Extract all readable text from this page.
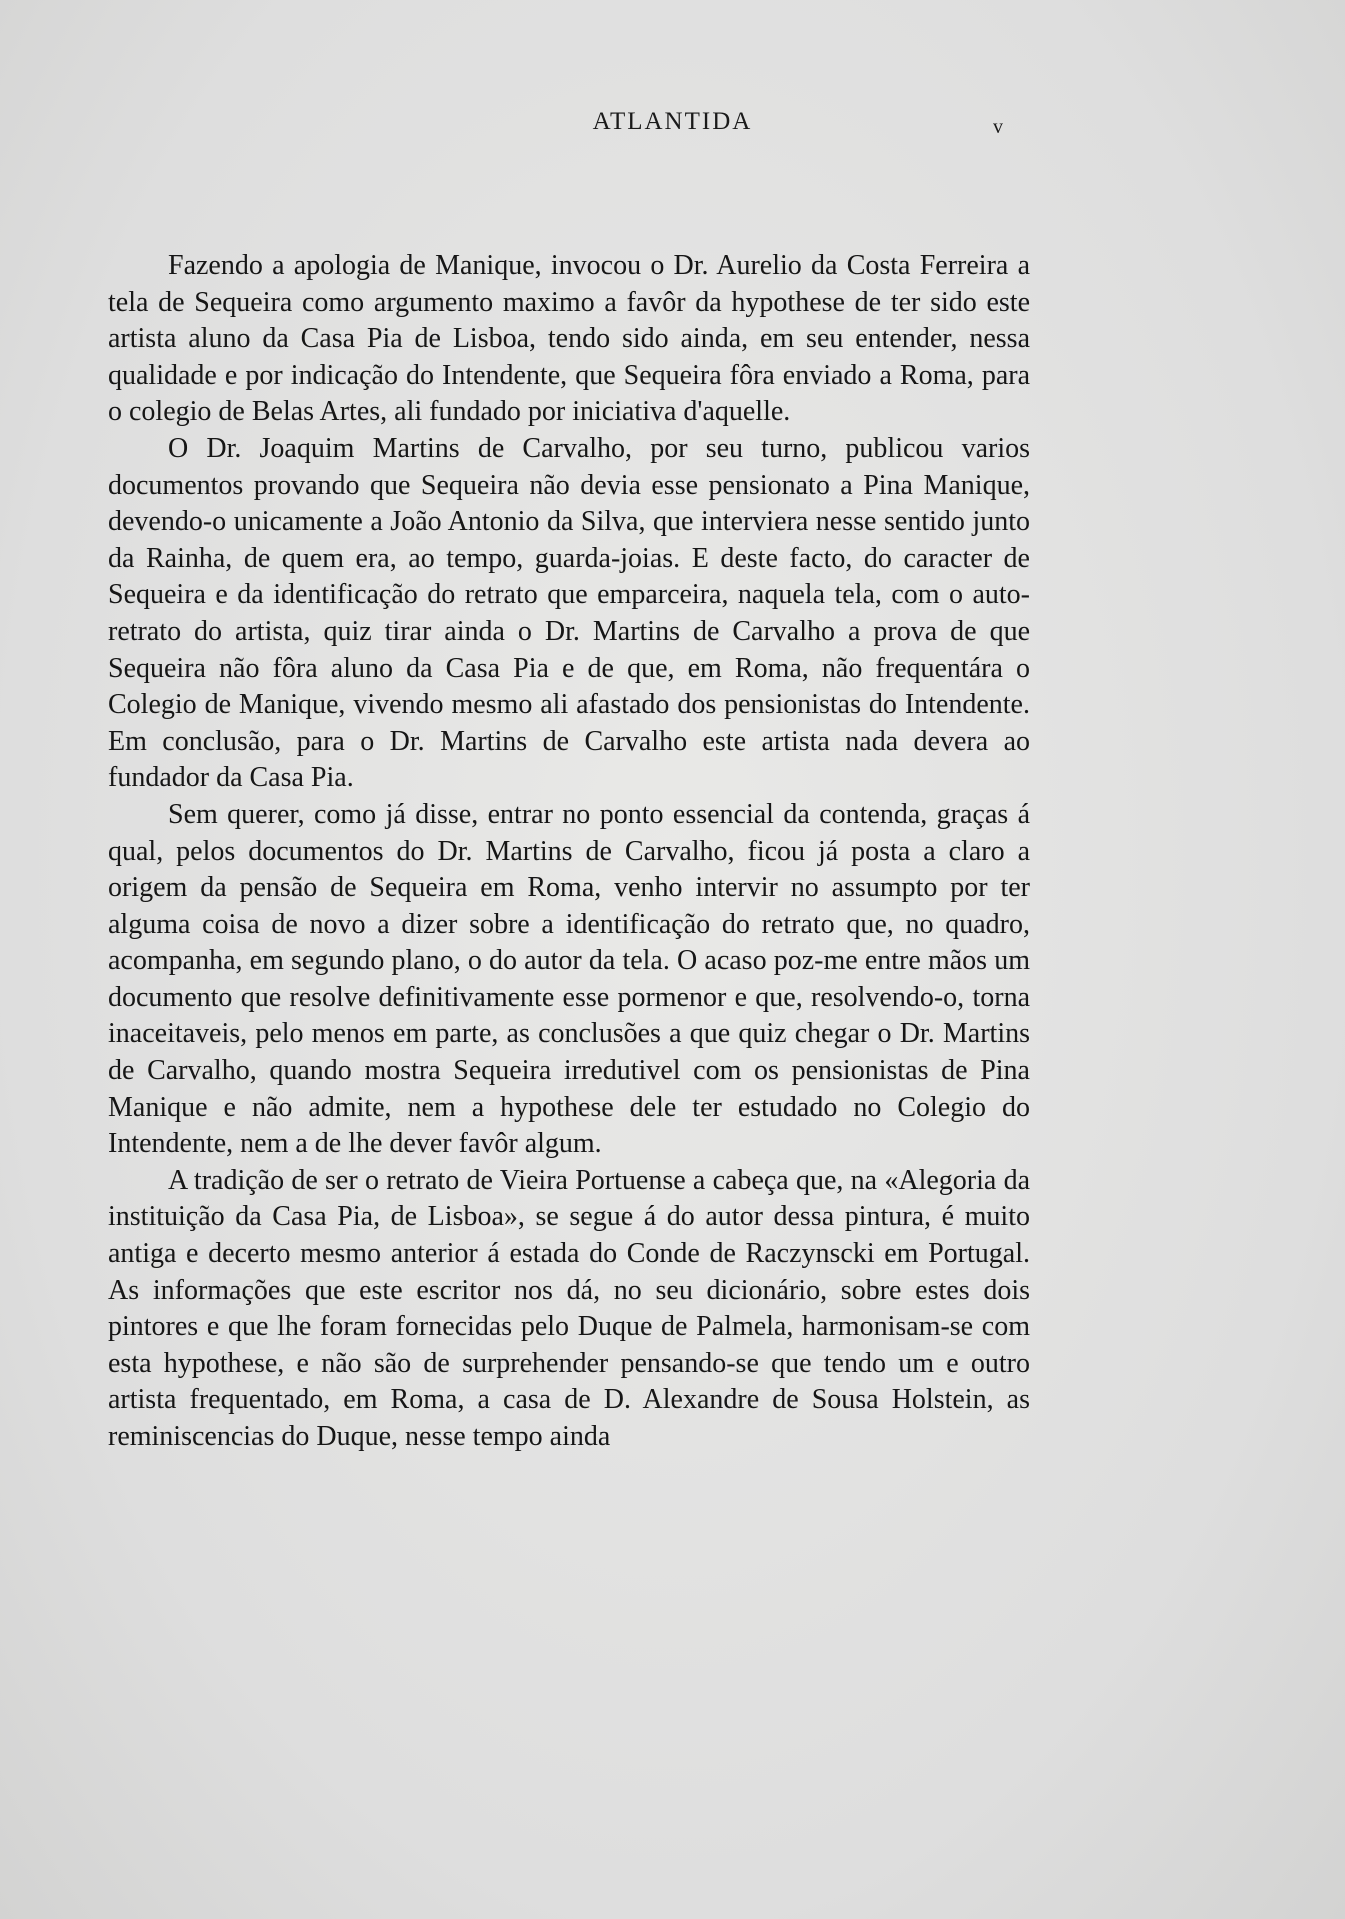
ATLANTIDA	v

Fazendo a apologia de Manique, invocou o Dr. Aurelio da Costa Ferreira a tela de Sequeira como argumento maximo a favôr da hypothese de ter sido este artista aluno da Casa Pia de Lisboa, tendo sido ainda, em seu entender, nessa qualidade e por indicação do Intendente, que Sequeira fôra enviado a Roma, para o colegio de Belas Artes, ali fundado por iniciativa d'aquelle.

O Dr. Joaquim Martins de Carvalho, por seu turno, publicou varios documentos provando que Sequeira não devia esse pensionato a Pina Manique, devendo-o unicamente a João Antonio da Silva, que interviera nesse sentido junto da Rainha, de quem era, ao tempo, guarda-joias. E deste facto, do caracter de Sequeira e da identificação do retrato que emparceira, naquela tela, com o auto-retrato do artista, quiz tirar ainda o Dr. Martins de Carvalho a prova de que Sequeira não fôra aluno da Casa Pia e de que, em Roma, não frequentára o Colegio de Manique, vivendo mesmo ali afastado dos pensionistas do Intendente. Em conclusão, para o Dr. Martins de Carvalho este artista nada devera ao fundador da Casa Pia.

Sem querer, como já disse, entrar no ponto essencial da contenda, graças á qual, pelos documentos do Dr. Martins de Carvalho, ficou já posta a claro a origem da pensão de Sequeira em Roma, venho intervir no assumpto por ter alguma coisa de novo a dizer sobre a identificação do retrato que, no quadro, acompanha, em segundo plano, o do autor da tela. O acaso poz-me entre mãos um documento que resolve definitivamente esse pormenor e que, resolvendo-o, torna inaceitaveis, pelo menos em parte, as conclusões a que quiz chegar o Dr. Martins de Carvalho, quando mostra Sequeira irredutivel com os pensionistas de Pina Manique e não admite, nem a hypothese dele ter estudado no Colegio do Intendente, nem a de lhe dever favôr algum.

A tradição de ser o retrato de Vieira Portuense a cabeça que, na «Alegoria da instituição da Casa Pia, de Lisboa», se segue á do autor dessa pintura, é muito antiga e decerto mesmo anterior á estada do Conde de Raczynscki em Portugal. As informações que este escritor nos dá, no seu dicionário, sobre estes dois pintores e que lhe foram fornecidas pelo Duque de Palmela, harmonisam-se com esta hypothese, e não são de surprehender pensando-se que tendo um e outro artista frequentado, em Roma, a casa de D. Alexandre de Sousa Holstein, as reminiscencias do Duque, nesse tempo ainda
